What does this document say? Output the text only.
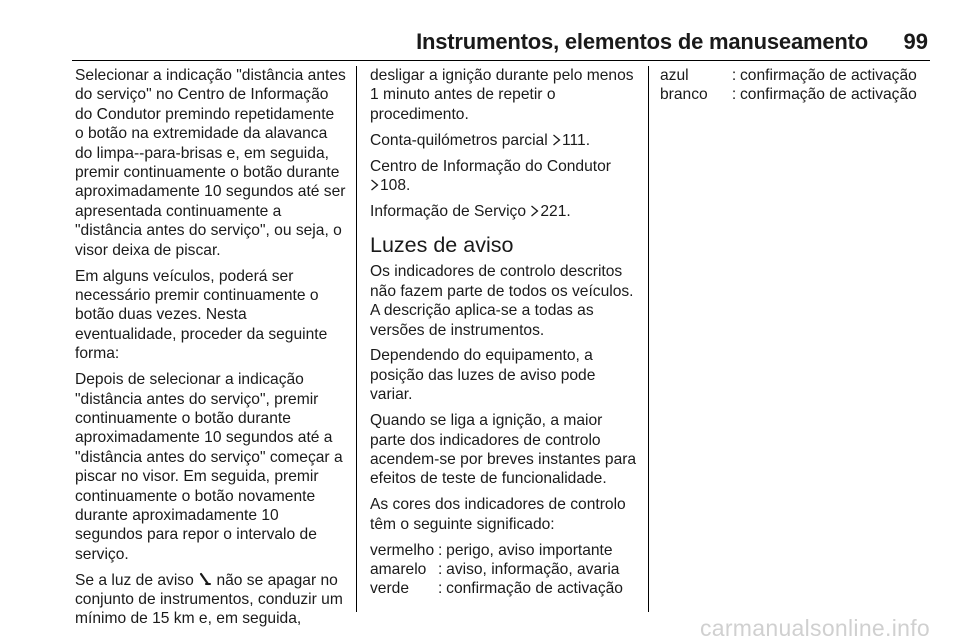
Instrumentos, elementos de manuseamento 99

Selecionar a indicação "distância antes do serviço" no Centro de Informação do Condutor premindo repetidamente o botão na extremidade da alavanca do limpa--para-brisas e, em seguida, premir continuamente o botão durante aproximadamente 10 segundos até ser apresentada continuamente a "distância antes do serviço", ou seja, o visor deixa de piscar.

Em alguns veículos, poderá ser necessário premir continuamente o botão duas vezes. Nesta eventualidade, proceder da seguinte forma:

Depois de selecionar a indicação "distância antes do serviço", premir continuamente o botão durante aproximadamente 10 segundos até a "distância antes do serviço" começar a piscar no visor. Em seguida, premir continuamente o botão novamente durante aproximadamente 10 segundos para repor o intervalo de serviço.

Se a luz de aviso não se apagar no conjunto de instrumentos, conduzir um mínimo de 15 km e, em seguida,

desligar a ignição durante pelo menos 1 minuto antes de repetir o procedimento.

Conta-quilómetros parcial 111.

Centro de Informação do Condutor
108.

Informação de Serviço 221.

Luzes de aviso

Os indicadores de controlo descritos não fazem parte de todos os veículos. A descrição aplica-se a todas as versões de instrumentos.

Dependendo do equipamento, a posição das luzes de aviso pode variar.

Quando se liga a ignição, a maior parte dos indicadores de controlo acendem-se por breves instantes para efeitos de teste de funcionalidade.

As cores dos indicadores de controlo têm o seguinte significado:

vermelho	:	perigo, aviso importante
amarelo	:	aviso, informação, avaria
verde	:	confirmação de activação
azul	:	confirmação de activação
branco	:	confirmação de activação
carmanualsonline.info
